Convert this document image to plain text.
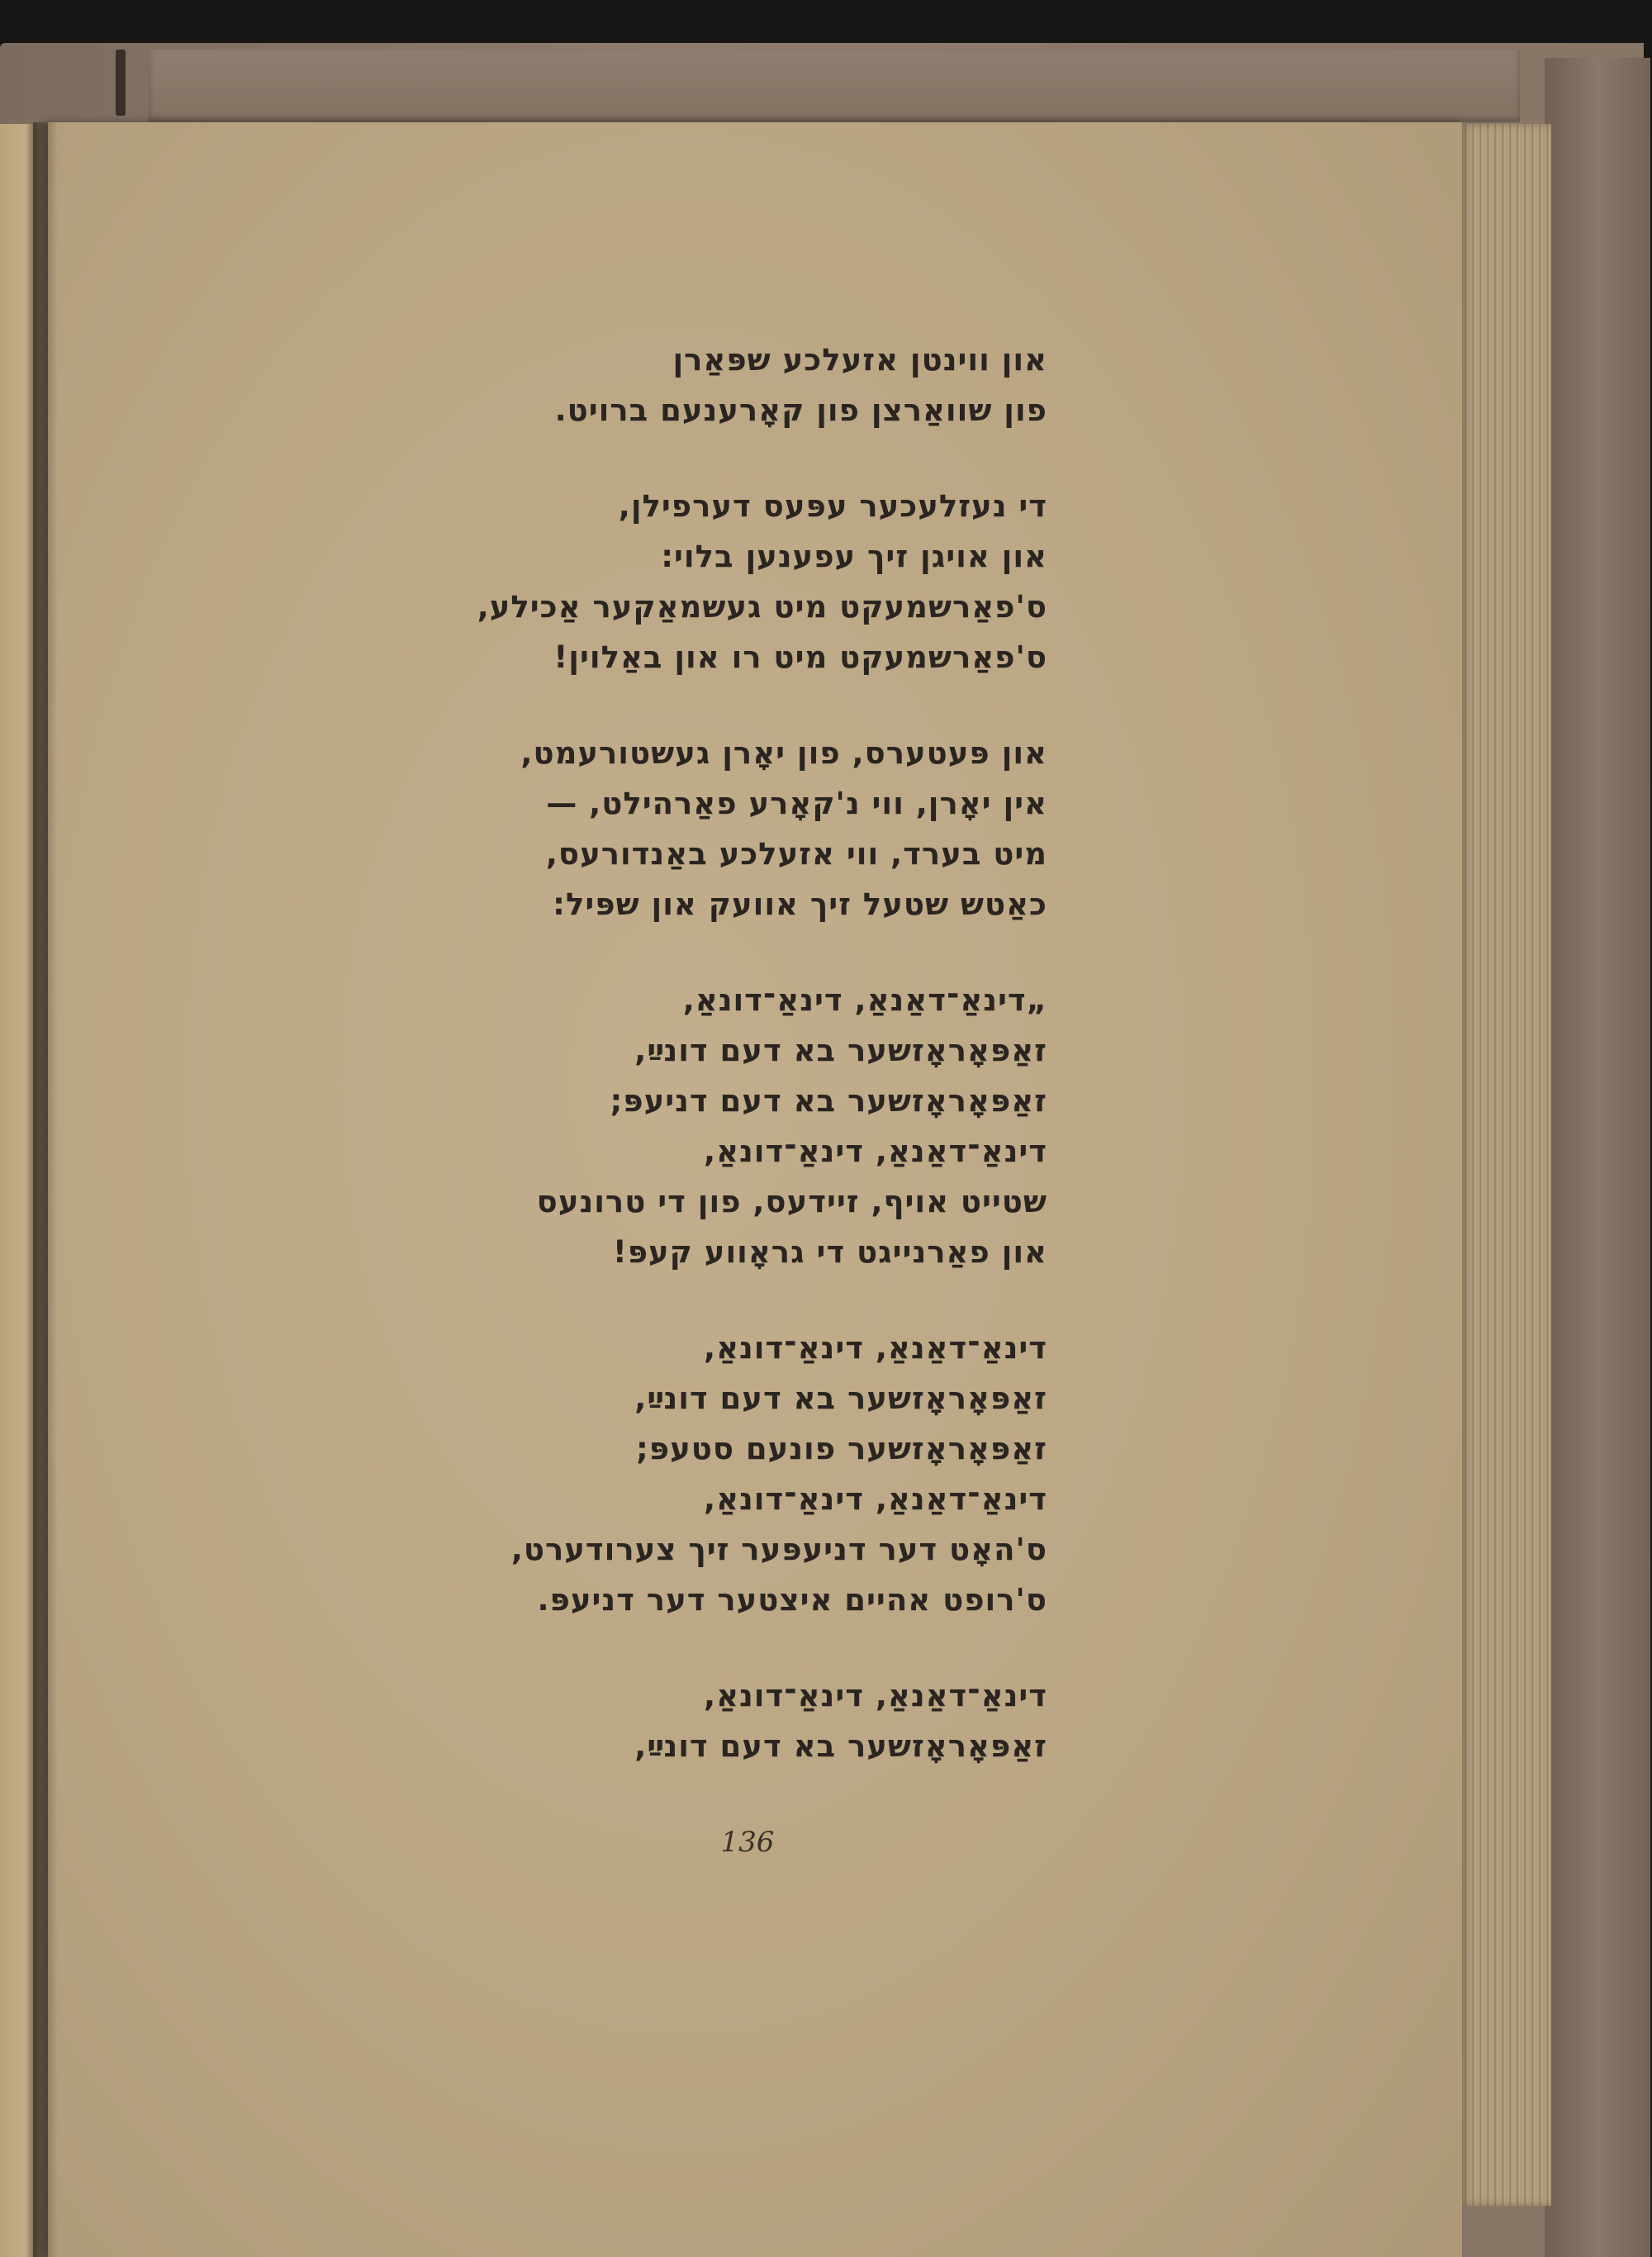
און ווינטן אזעלכע שפּאַרן
פון שוואַרצן פון קאָרענעם ברויט.
די נעזלעכער עפּעס דערפילן,
און אויגן זיך עפענען בלוי:
ס'פאַרשמעקט מיט געשמאַקער אַכילע,
ס'פאַרשמעקט מיט רו און באַלוין!
און פּעטערס, פון יאָרן געשטורעמט,
אין יאָרן, ווי נ'קאָרע פאַרהילט, —
מיט בערד, ווי אזעלכע באַנדורעס,
כאַטש שטעל זיך אוועק און שפּיל:
„דינאַ־דאַנאַ, דינאַ־דונאַ,
זאַפּאָראָזשער בא דעם דונײַ,
זאַפּאָראָזשער בא דעם דניעפּ;
דינאַ־דאַנאַ, דינאַ־דונאַ,
שטייט אויף, זיידעס, פון די טרונעס
און פאַרנייגט די גראָווע קעפּ!
דינאַ־דאַנאַ, דינאַ־דונאַ,
זאַפּאָראָזשער בא דעם דונײַ,
זאַפּאָראָזשער פונעם סטעפּ;
דינאַ־דאַנאַ, דינאַ־דונאַ,
ס'האָט דער דניעפּער זיך צערודערט,
ס'רופט אהיים איצטער דער דניעפּ.
דינאַ־דאַנאַ, דינאַ־דונאַ,
זאַפּאָראָזשער בא דעם דונײַ,
136
